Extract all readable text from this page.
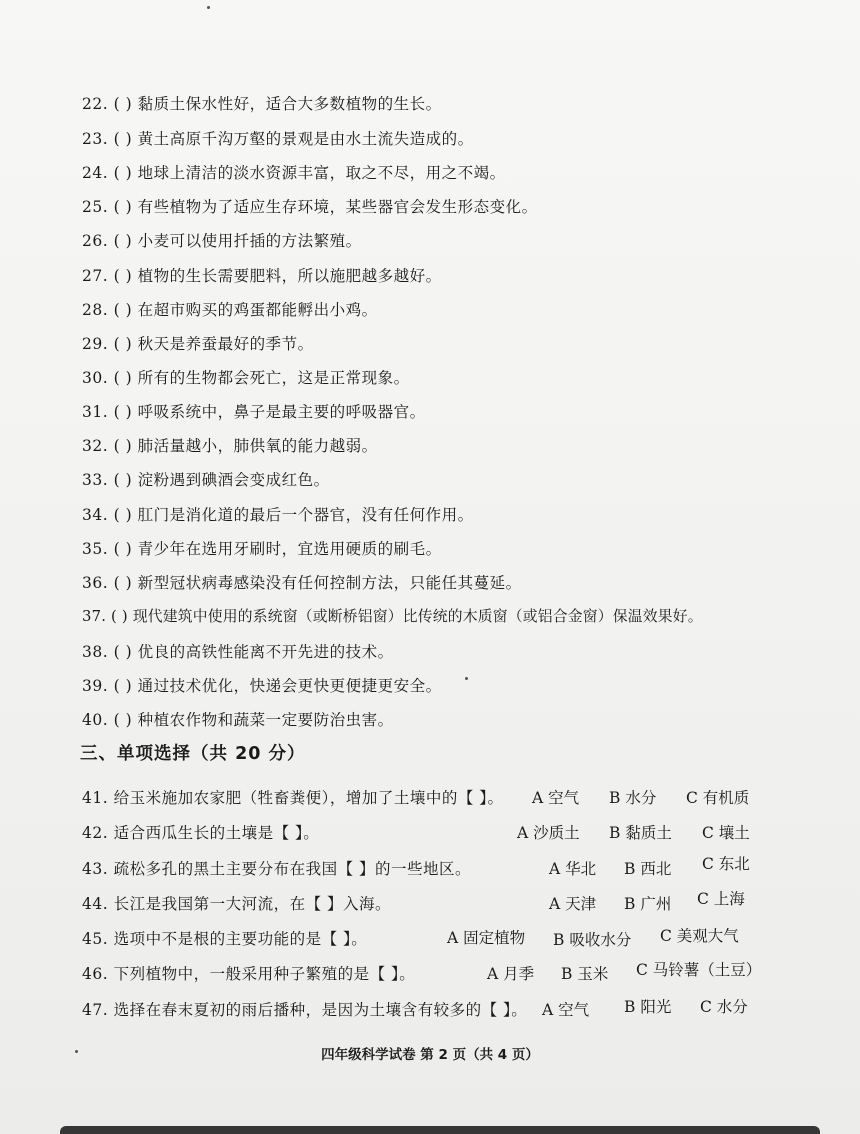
22. ( ) 黏质土保水性好，适合大多数植物的生长。
23. ( ) 黄土高原千沟万壑的景观是由水土流失造成的。
24. ( ) 地球上清洁的淡水资源丰富，取之不尽，用之不竭。
25. ( ) 有些植物为了适应生存环境，某些器官会发生形态变化。
26. ( ) 小麦可以使用扦插的方法繁殖。
27. ( ) 植物的生长需要肥料，所以施肥越多越好。
28. ( ) 在超市购买的鸡蛋都能孵出小鸡。
29. ( ) 秋天是养蚕最好的季节。
30. ( ) 所有的生物都会死亡，这是正常现象。
31. ( ) 呼吸系统中，鼻子是最主要的呼吸器官。
32. ( ) 肺活量越小，肺供氧的能力越弱。
33. ( ) 淀粉遇到碘酒会变成红色。
34. ( ) 肛门是消化道的最后一个器官，没有任何作用。
35. ( ) 青少年在选用牙刷时，宜选用硬质的刷毛。
36. ( ) 新型冠状病毒感染没有任何控制方法，只能任其蔓延。
37. ( ) 现代建筑中使用的系统窗（或断桥铝窗）比传统的木质窗（或铝合金窗）保温效果好。
38. ( ) 优良的高铁性能离不开先进的技术。
39. ( ) 通过技术优化，快递会更快更便捷更安全。
40. ( ) 种植农作物和蔬菜一定要防治虫害。
三、单项选择（共 20 分）
41. 给玉米施加农家肥（牲畜粪便），增加了土壤中的【 】。 A 空气 B 水分 C 有机质
42. 适合西瓜生长的土壤是【 】。	A 沙质土 B 黏质土 C 壤土
43. 疏松多孔的黑土主要分布在我国【 】的一些地区。	A 华北 B 西北 C 东北
44. 长江是我国第一大河流，在【 】入海。	A 天津 B 广州 C 上海
45. 选项中不是根的主要功能的是【 】。	A 固定植物 B 吸收水分 C 美观大气
46. 下列植物中，一般采用种子繁殖的是【 】。	A 月季 B 玉米 C 马铃薯（土豆）
47. 选择在春末夏初的雨后播种，是因为土壤含有较多的【 】。 A 空气 B 阳光 C 水分
四年级科学试卷 第 2 页（共 4 页）
